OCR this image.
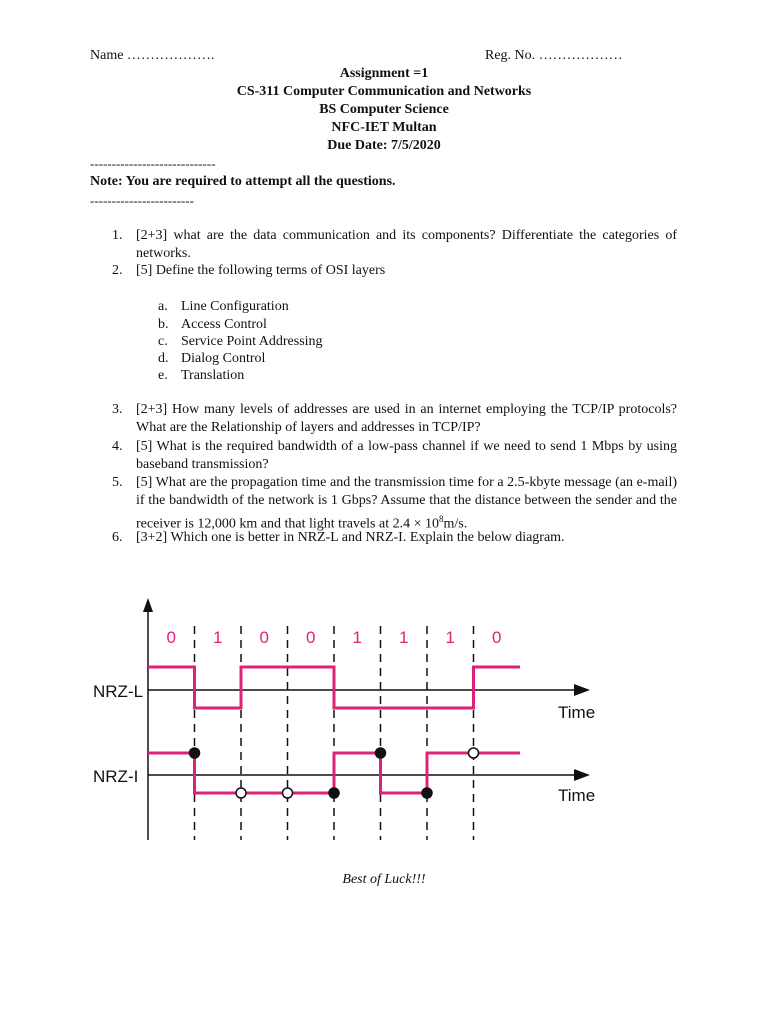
Name ……………….	Reg. No. ………………
Assignment =1
CS-311 Computer Communication and Networks
BS Computer Science
NFC-IET Multan
Due Date: 7/5/2020
-----------------------------
Note: You are required to attempt all the questions.
------------------------
1. [2+3] what are the data communication and its components? Differentiate the categories of networks.
2. [5] Define the following terms of OSI layers
a. Line Configuration
b. Access Control
c. Service Point Addressing
d. Dialog Control
e. Translation
3. [2+3] How many levels of addresses are used in an internet employing the TCP/IP protocols? What are the Relationship of layers and addresses in TCP/IP?
4. [5] What is the required bandwidth of a low-pass channel if we need to send 1 Mbps by using baseband transmission?
5. [5] What are the propagation time and the transmission time for a 2.5-kbyte message (an e-mail) if the bandwidth of the network is 1 Gbps? Assume that the distance between the sender and the receiver is 12,000 km and that light travels at $2.4 \times 10^8m/s$.
6. [3+2] Which one is better in NRZ-L and NRZ-I. Explain the below diagram.
0 1 0 0 1 1 1 0
NRZ-L
Time
NRZ-I
Time
Best of Luck!!!
